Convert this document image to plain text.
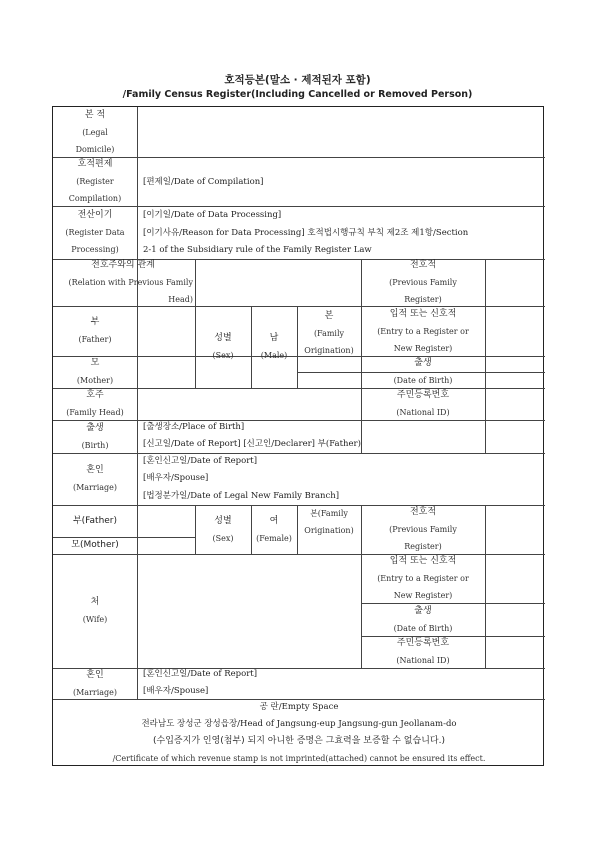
호적등본(말소 · 제적된자 포함)
/Family Census Register(Including Cancelled or Removed Person)
본 적
(Legal
Domicile)
호적편제
(Register
Compilation)
[편제일/Date of Compilation]
전산이기
(Register Data
Processing)
[이기일/Date of Data Processing]
[이기사유/Reason for Data Processing] 호적법시행규칙 부칙 제2조 제1항/Section
2-1 of the Subsidiary rule of the Family Register Law
전호주와의 관계
(Relation with Previous Family
Head)
전호적
(Previous Family
Register)
부
(Father)
모
(Mother)
성별
(Sex)
남
(Male)
본
(Family
Origination)
입적 또는 신호적
(Entry to a Register or
New Register)
출생
(Date of Birth)
호주
(Family Head)
주민등록번호
(National ID)
출생
(Birth)
[출생장소/Place of Birth]
[신고일/Date of Report] [신고인/Declarer] 부(Father)
혼인
(Marriage)
[혼인신고일/Date of Report]
[배우자/Spouse]
[법정분가일/Date of Legal New Family Branch]
부(Father)
모(Mother)
성별
(Sex)
여
(Female)
본(Family
Origination)
전호적
(Previous Family
Register)
처
(Wife)
입적 또는 신호적
(Entry to a Register or
New Register)
출생
(Date of Birth)
주민등록번호
(National ID)
혼인
(Marriage)
[혼인신고일/Date of Report]
[배우자/Spouse]
공 란/Empty Space
전라남도 장성군 장성읍장/Head of Jangsung-eup Jangsung-gun Jeollanam-do
(수입증지가 인영(첨부) 되지 아니한 증명은 그효력을 보증할 수 없습니다.)
/Certificate of which revenue stamp is not imprinted(attached) cannot be ensured its effect.
